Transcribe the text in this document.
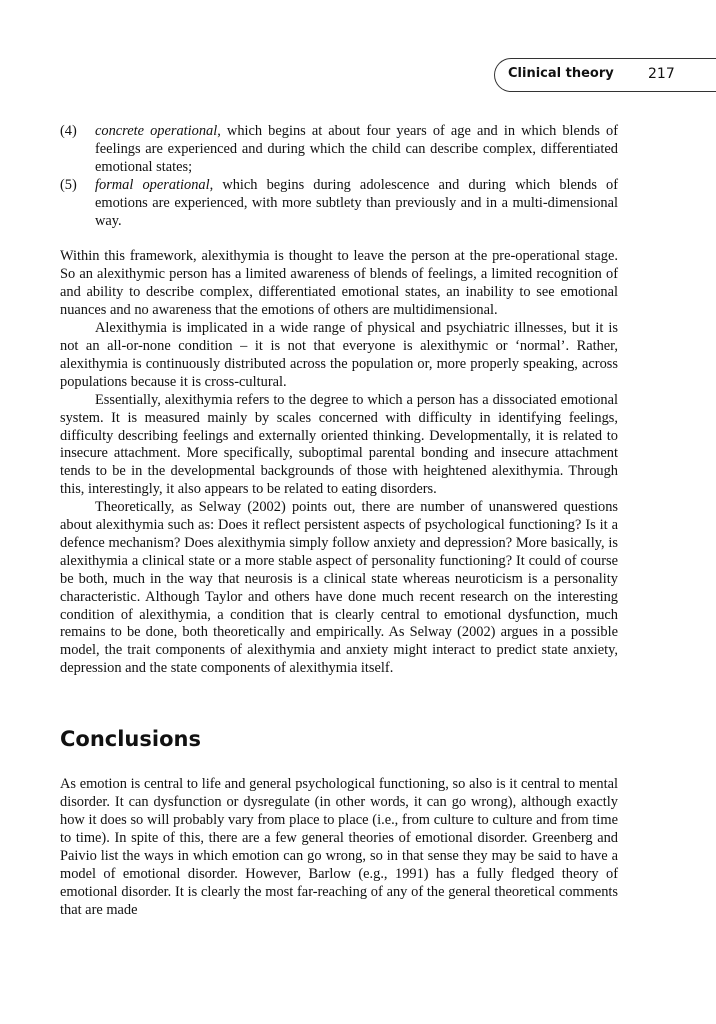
Clinical theory 217
(4) concrete operational, which begins at about four years of age and in which blends of feelings are experienced and during which the child can describe complex, differentiated emotional states;
(5) formal operational, which begins during adolescence and during which blends of emotions are experienced, with more subtlety than previously and in a multi-dimensional way.

Within this framework, alexithymia is thought to leave the person at the pre-operational stage. So an alexithymic person has a limited awareness of blends of feelings, a limited recognition of and ability to describe complex, differentiated emotional states, an inability to see emotional nuances and no awareness that the emotions of others are multidimensional.

Alexithymia is implicated in a wide range of physical and psychiatric illnesses, but it is not an all-or-none condition – it is not that everyone is alexithymic or ‘normal’. Rather, alexithymia is continuously distributed across the population or, more properly speaking, across populations because it is cross-cultural.

Essentially, alexithymia refers to the degree to which a person has a dissociated emotional system. It is measured mainly by scales concerned with difficulty in identifying feelings, difficulty describing feelings and externally oriented thinking. Developmentally, it is related to insecure attachment. More specifically, suboptimal parental bonding and insecure attachment tends to be in the developmental backgrounds of those with heightened alexithymia. Through this, interestingly, it also appears to be related to eating disorders.

Theoretically, as Selway (2002) points out, there are number of unanswered questions about alexithymia such as: Does it reflect persistent aspects of psychological functioning? Is it a defence mechanism? Does alexithymia simply follow anxiety and depression? More basically, is alexithymia a clinical state or a more stable aspect of personality functioning? It could of course be both, much in the way that neurosis is a clinical state whereas neuroticism is a personality characteristic. Although Taylor and others have done much recent research on the interesting condition of alexithymia, a condition that is clearly central to emotional dysfunction, much remains to be done, both theoretically and empirically. As Selway (2002) argues in a possible model, the trait components of alexithymia and anxiety might interact to predict state anxiety, depression and the state components of alexithymia itself.

Conclusions

As emotion is central to life and general psychological functioning, so also is it central to mental disorder. It can dysfunction or dysregulate (in other words, it can go wrong), although exactly how it does so will probably vary from place to place (i.e., from culture to culture and from time to time). In spite of this, there are a few general theories of emotional disorder. Greenberg and Paivio list the ways in which emotion can go wrong, so in that sense they may be said to have a model of emotional disorder. However, Barlow (e.g., 1991) has a fully fledged theory of emotional disorder. It is clearly the most far-reaching of any of the general theoretical comments that are made
